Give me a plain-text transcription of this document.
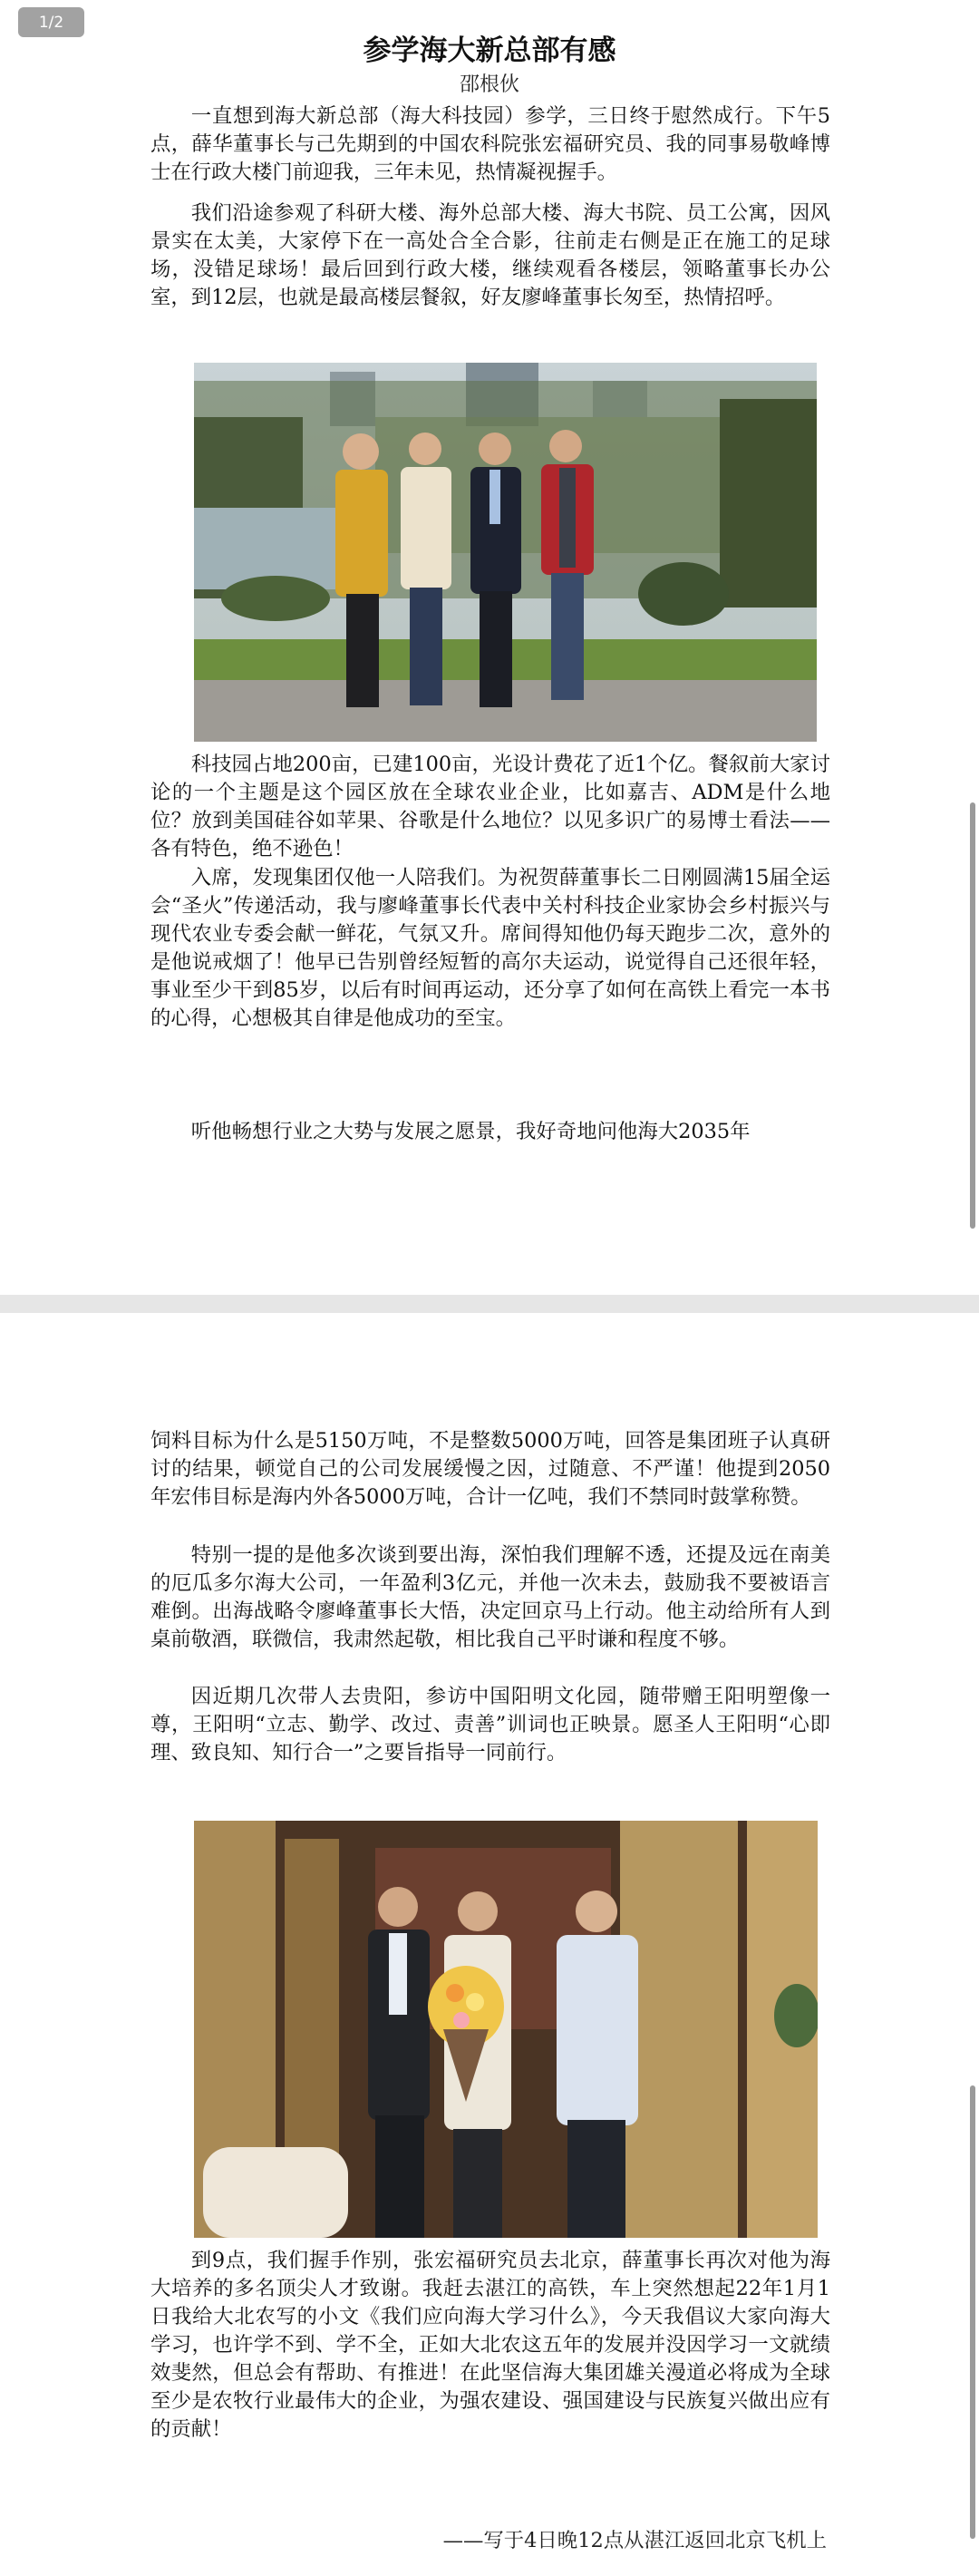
参学海大新总部有感
邵根伙

一直想到海大新总部（海大科技园）参学，三日终于慰然成行。下午5点，薛华董事长与己先期到的中国农科院张宏福研究员、我的同事易敬峰博士在行政大楼门前迎我，三年未见，热情凝视握手。

我们沿途参观了科研大楼、海外总部大楼、海大书院、员工公寓，因风景实在太美，大家停下在一高处合全合影，往前走右侧是正在施工的足球场，没错足球场！最后回到行政大楼，继续观看各楼层，领略董事长办公室，到12层，也就是最高楼层餐叙，好友廖峰董事长匆至，热情招呼。

科技园占地200亩，已建100亩，光设计费花了近1个亿。餐叙前大家讨论的一个主题是这个园区放在全球农业企业，比如嘉吉、ADM是什么地位？放到美国硅谷如苹果、谷歌是什么地位？以见多识广的易博士看法——各有特色，绝不逊色！

入席，发现集团仅他一人陪我们。为祝贺薛董事长二日刚圆满15届全运会“圣火”传递活动，我与廖峰董事长代表中关村科技企业家协会乡村振兴与现代农业专委会献一鲜花，气氛又升。席间得知他仍每天跑步二次，意外的是他说戒烟了！他早已告别曾经短暂的高尔夫运动，说觉得自己还很年轻，事业至少干到85岁，以后有时间再运动，还分享了如何在高铁上看完一本书的心得，心想极其自律是他成功的至宝。

听他畅想行业之大势与发展之愿景，我好奇地问他海大2035年

饲料目标为什么是5150万吨，不是整数5000万吨，回答是集团班子认真研讨的结果，顿觉自己的公司发展缓慢之因，过随意、不严谨！他提到2050年宏伟目标是海内外各5000万吨，合计一亿吨，我们不禁同时鼓掌称赞。

特别一提的是他多次谈到要出海，深怕我们理解不透，还提及远在南美的厄瓜多尔海大公司，一年盈利3亿元，并他一次未去，鼓励我不要被语言难倒。出海战略令廖峰董事长大悟，决定回京马上行动。他主动给所有人到桌前敬酒，联微信，我肃然起敬，相比我自己平时谦和程度不够。

因近期几次带人去贵阳，参访中国阳明文化园，随带赠王阳明塑像一尊，王阳明“立志、勤学、改过、责善”训词也正映景。愿圣人王阳明“心即理、致良知、知行合一”之要旨指导一同前行。

到9点，我们握手作别，张宏福研究员去北京，薛董事长再次对他为海大培养的多名顶尖人才致谢。我赶去湛江的高铁，车上突然想起22年1月1日我给大北农写的小文《我们应向海大学习什么》，今天我倡议大家向海大学习，也许学不到、学不全，正如大北农这五年的发展并没因学习一文就绩效斐然，但总会有帮助、有推进！在此坚信海大集团雄关漫道必将成为全球至少是农牧行业最伟大的企业，为强农建设、强国建设与民族复兴做出应有的贡献！

——写于4日晚12点从湛江返回北京飞机上
1/2
